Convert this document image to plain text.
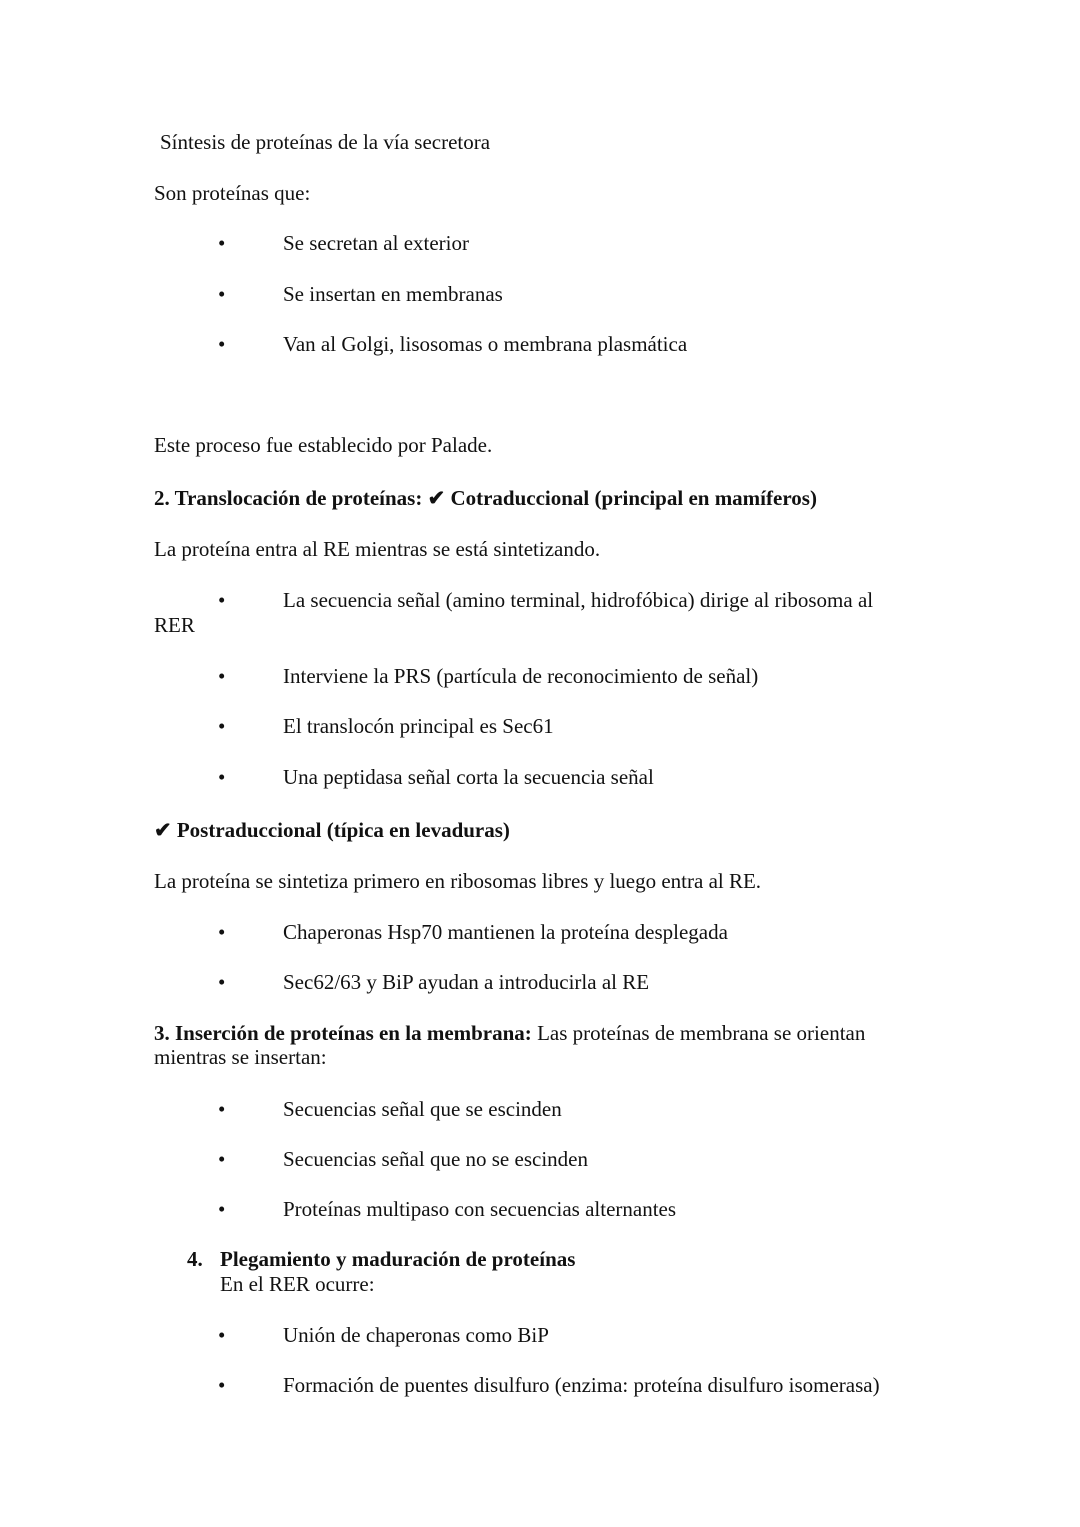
Síntesis de proteínas de la vía secretora
Son proteínas que:
•	Se secretan al exterior
•	Se insertan en membranas
•	Van al Golgi, lisosomas o membrana plasmática
Este proceso fue establecido por Palade.
2. Translocación de proteínas: ✔ Cotraduccional (principal en mamíferos)
La proteína entra al RE mientras se está sintetizando.
•	La secuencia señal (amino terminal, hidrofóbica) dirige al ribosoma al
RER
•	Interviene la PRS (partícula de reconocimiento de señal)
•	El translocón principal es Sec61
•	Una peptidasa señal corta la secuencia señal
✔ Postraduccional (típica en levaduras)
La proteína se sintetiza primero en ribosomas libres y luego entra al RE.
•	Chaperonas Hsp70 mantienen la proteína desplegada
•	Sec62/63 y BiP ayudan a introducirla al RE
3. Inserción de proteínas en la membrana: Las proteínas de membrana se orientan
mientras se insertan:
•	Secuencias señal que se escinden
•	Secuencias señal que no se escinden
•	Proteínas multipaso con secuencias alternantes
4. Plegamiento y maduración de proteínas
En el RER ocurre:
•	Unión de chaperonas como BiP
•	Formación de puentes disulfuro (enzima: proteína disulfuro isomerasa)
